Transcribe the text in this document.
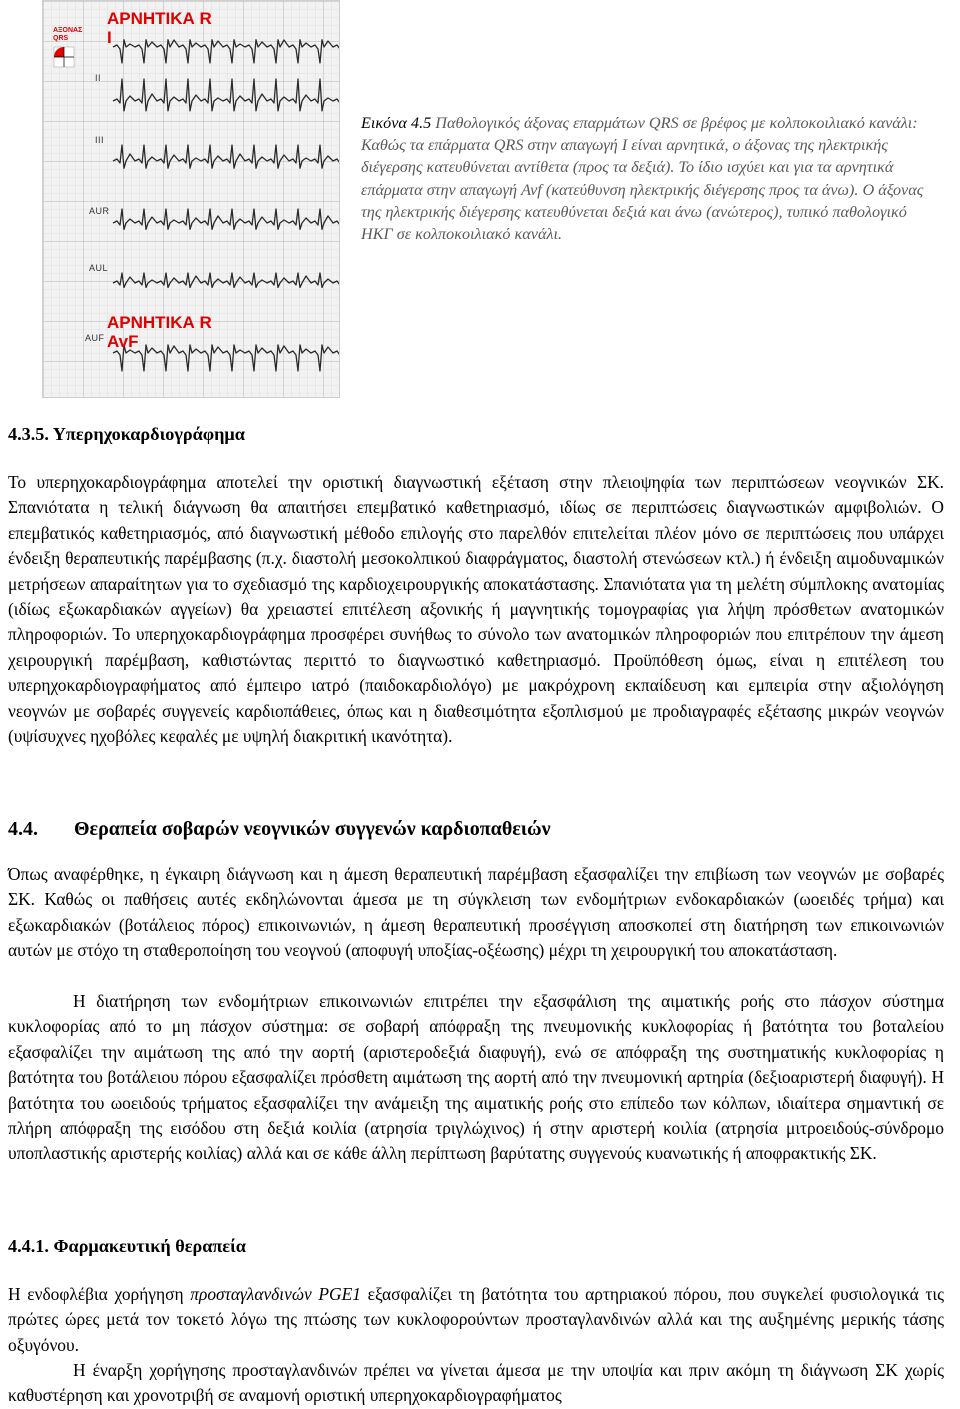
ΑΡΝΗΤΙΚΑ R
I
ΑΞΟΝΑΣ
QRS
II
III
AUR
AUL
AUF
ΑΡΝΗΤΙΚΑ R
AvF
Εικόνα 4.5 Παθολογικός άξονας επαρμάτων QRS σε βρέφος με κολποκοιλιακό κανάλι: Καθώς τα επάρματα QRS στην απαγωγή Ι είναι αρνητικά, ο άξονας της ηλεκτρικής διέγερσης κατευθύνεται αντίθετα (προς τα δεξιά). Το ίδιο ισχύει και για τα αρνητικά επάρματα στην απαγωγή Avf (κατεύθυνση ηλεκτρικής διέγερσης προς τα άνω). Ο άξονας της ηλεκτρικής διέγερσης κατευθύνεται δεξιά και άνω (ανώτερος), τυπικό παθολογικό ΗΚΓ σε κολποκοιλιακό κανάλι.
4.3.5. Υπερηχοκαρδιογράφημα

Το υπερηχοκαρδιογράφημα αποτελεί την οριστική διαγνωστική εξέταση στην πλειοψηφία των περιπτώσεων νεογνικών ΣΚ. Σπανιότατα η τελική διάγνωση θα απαιτήσει επεμβατικό καθετηριασμό, ιδίως σε περιπτώσεις διαγνωστικών αμφιβολιών. Ο επεμβατικός καθετηριασμός, από διαγνωστική μέθοδο επιλογής στο παρελθόν επιτελείται πλέον μόνο σε περιπτώσεις που υπάρχει ένδειξη θεραπευτικής παρέμβασης (π.χ. διαστολή μεσοκολπικού διαφράγματος, διαστολή στενώσεων κτλ.) ή ένδειξη αιμοδυναμικών μετρήσεων απαραίτητων για το σχεδιασμό της καρδιοχειρουργικής αποκατάστασης. Σπανιότατα για τη μελέτη σύμπλοκης ανατομίας (ιδίως εξωκαρδιακών αγγείων) θα χρειαστεί επιτέλεση αξονικής ή μαγνητικής τομογραφίας για λήψη πρόσθετων ανατομικών πληροφοριών. Το υπερηχοκαρδιογράφημα προσφέρει συνήθως το σύνολο των ανατομικών πληροφοριών που επιτρέπουν την άμεση χειρουργική παρέμβαση, καθιστώντας περιττό το διαγνωστικό καθετηριασμό. Προϋπόθεση όμως, είναι η επιτέλεση του υπερηχοκαρδιογραφήματος από έμπειρο ιατρό (παιδοκαρδιολόγο) με μακρόχρονη εκπαίδευση και εμπειρία στην αξιολόγηση νεογνών με σοβαρές συγγενείς καρδιοπάθειες, όπως και η διαθεσιμότητα εξοπλισμού με προδιαγραφές εξέτασης μικρών νεογνών (υψίσυχνες ηχοβόλες κεφαλές με υψηλή διακριτική ικανότητα).

4.4. Θεραπεία σοβαρών νεογνικών συγγενών καρδιοπαθειών

Όπως αναφέρθηκε, η έγκαιρη διάγνωση και η άμεση θεραπευτική παρέμβαση εξασφαλίζει την επιβίωση των νεογνών με σοβαρές ΣΚ. Καθώς οι παθήσεις αυτές εκδηλώνονται άμεσα με τη σύγκλειση των ενδομήτριων ενδοκαρδιακών (ωοειδές τρήμα) και εξωκαρδιακών (βοτάλειος πόρος) επικοινωνιών, η άμεση θεραπευτική προσέγγιση αποσκοπεί στη διατήρηση των επικοινωνιών αυτών με στόχο τη σταθεροποίηση του νεογνού (αποφυγή υποξίας-οξέωσης) μέχρι τη χειρουργική του αποκατάσταση.

Η διατήρηση των ενδομήτριων επικοινωνιών επιτρέπει την εξασφάλιση της αιματικής ροής στο πάσχον σύστημα κυκλοφορίας από το μη πάσχον σύστημα: σε σοβαρή απόφραξη της πνευμονικής κυκλοφορίας ή βατότητα του βοταλείου εξασφαλίζει την αιμάτωση της από την αορτή (αριστεροδεξιά διαφυγή), ενώ σε απόφραξη της συστηματικής κυκλοφορίας η βατότητα του βοτάλειου πόρου εξασφαλίζει πρόσθετη αιμάτωση της αορτή από την πνευμονική αρτηρία (δεξιοαριστερή διαφυγή). Η βατότητα του ωοειδούς τρήματος εξασφαλίζει την ανάμειξη της αιματικής ροής στο επίπεδο των κόλπων, ιδιαίτερα σημαντική σε πλήρη απόφραξη της εισόδου στη δεξιά κοιλία (ατρησία τριγλώχινος) ή στην αριστερή κοιλία (ατρησία μιτροειδούς-σύνδρομο υποπλαστικής αριστερής κοιλίας) αλλά και σε κάθε άλλη περίπτωση βαρύτατης συγγενούς κυανωτικής ή αποφρακτικής ΣΚ.

4.4.1. Φαρμακευτική θεραπεία

Η ενδοφλέβια χορήγηση προσταγλανδινών PGE1 εξασφαλίζει τη βατότητα του αρτηριακού πόρου, που συγκελεί φυσιολογικά τις πρώτες ώρες μετά τον τοκετό λόγω της πτώσης των κυκλοφορούντων προσταγλανδινών αλλά και της αυξημένης μερικής τάσης οξυγόνου.

Η έναρξη χορήγησης προσταγλανδινών πρέπει να γίνεται άμεσα με την υποψία και πριν ακόμη τη διάγνωση ΣΚ χωρίς καθυστέρηση και χρονοτριβή σε αναμονή οριστική υπερηχοκαρδιογραφήματος
